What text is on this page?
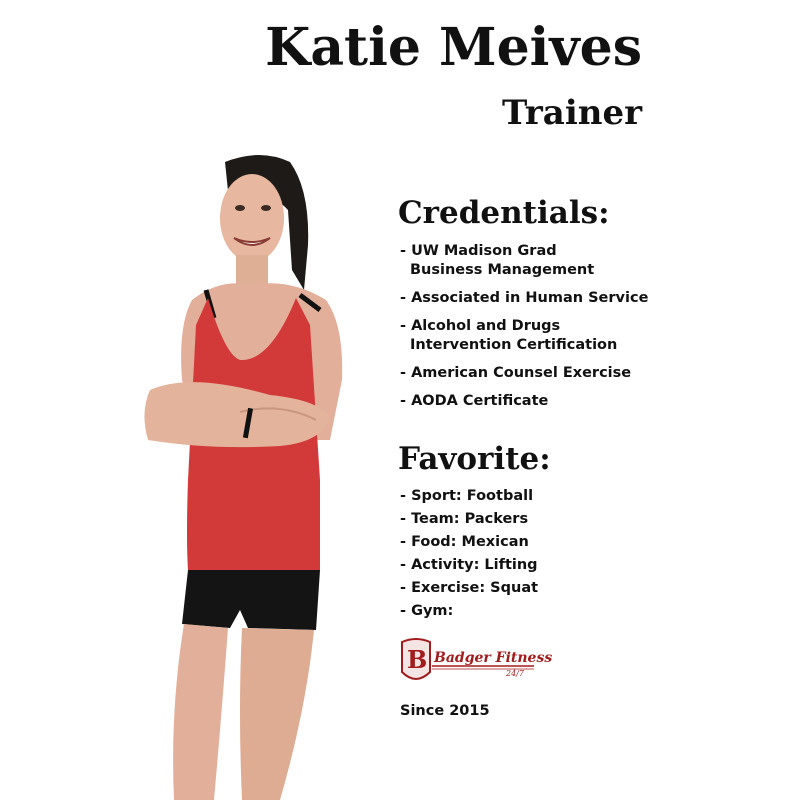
Katie Meives
Trainer
Credentials:
- UW Madison Grad
Business Management
- Associated in Human Service
- Alcohol and Drugs
Intervention Certification
- American Counsel Exercise
- AODA Certificate
Favorite:
- Sport: Football
- Team: Packers
- Food: Mexican
- Activity: Lifting
- Exercise: Squat
- Gym:
B Badger Fitness
24/7
Since 2015
